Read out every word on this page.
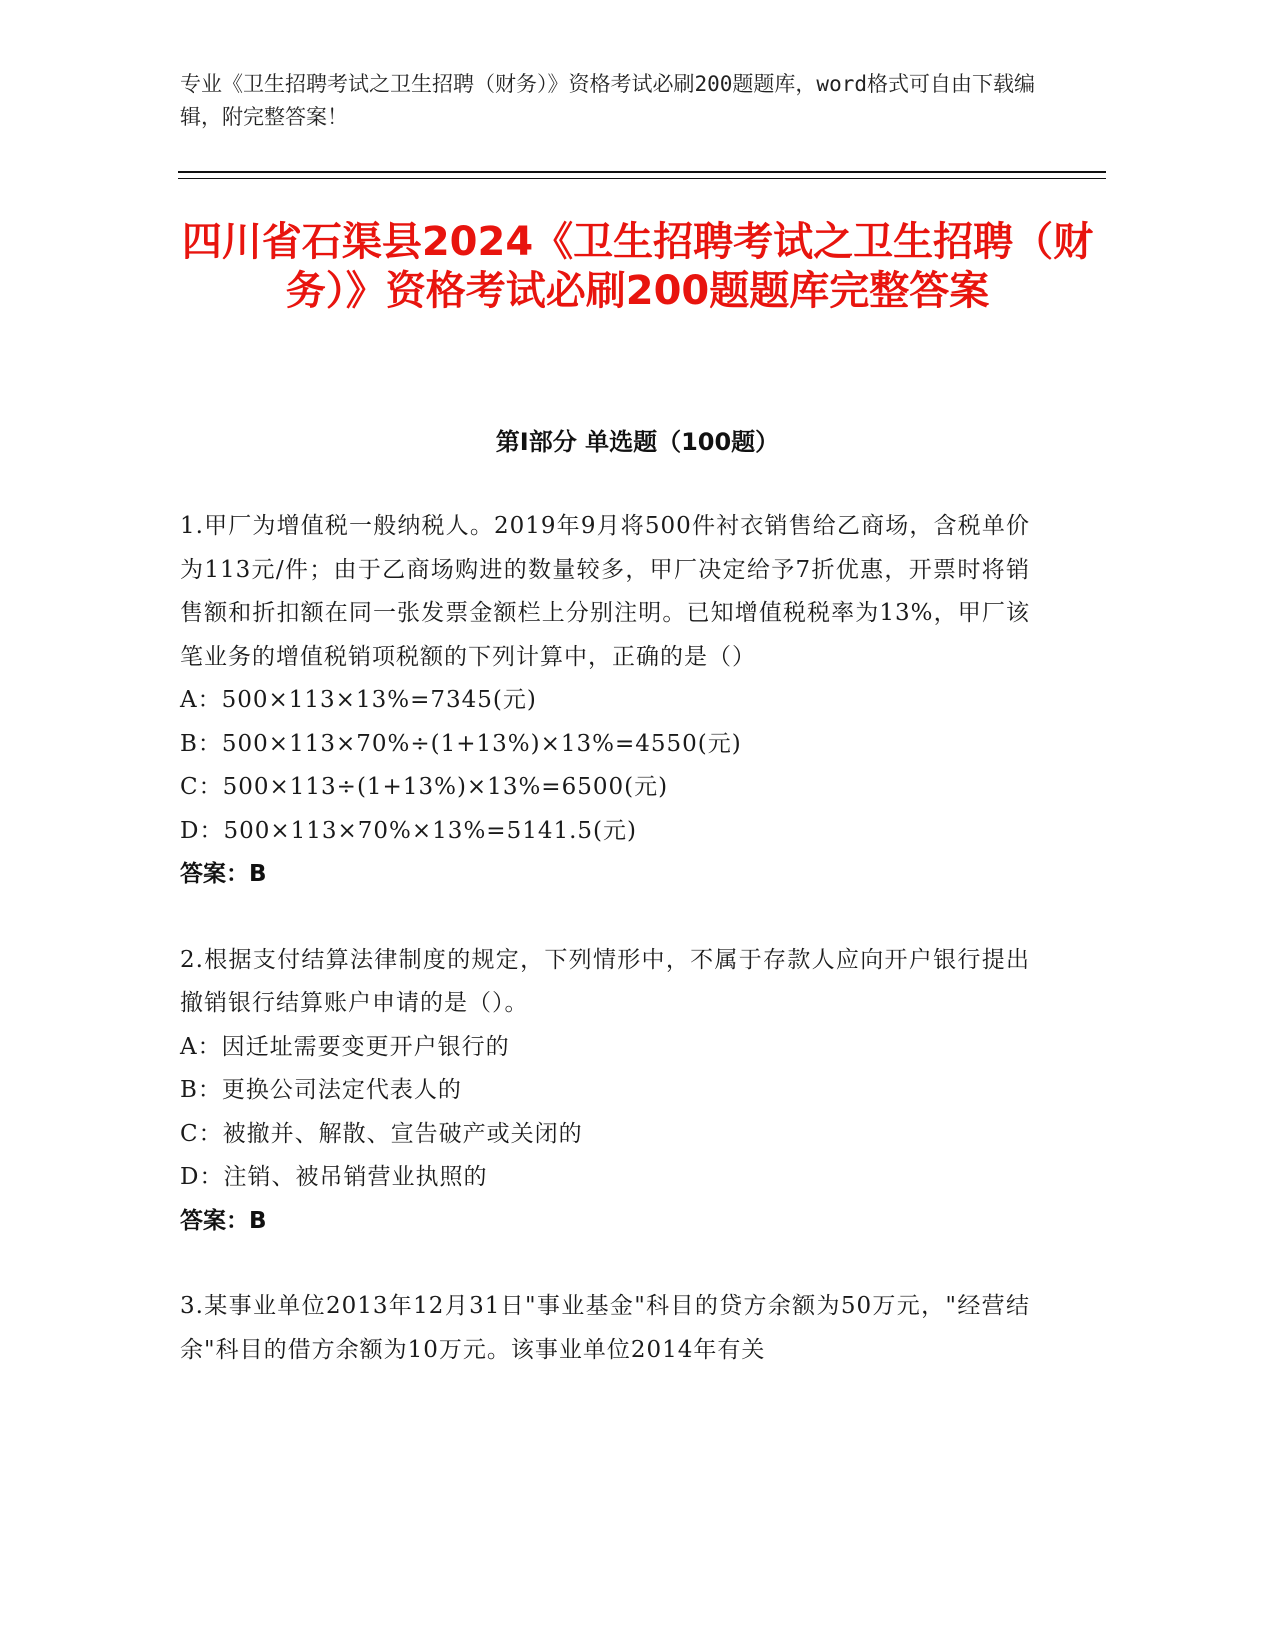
专业《卫生招聘考试之卫生招聘（财务）》资格考试必刷200题题库，word格式可自由下载编辑，附完整答案！
四川省石渠县2024《卫生招聘考试之卫生招聘（财务）》资格考试必刷200题题库完整答案
第Ⅰ部分 单选题（100题）
1.甲厂为增值税一般纳税人。2019年9月将500件衬衣销售给乙商场，含税单价为113元/件；由于乙商场购进的数量较多，甲厂决定给予7折优惠，开票时将销售额和折扣额在同一张发票金额栏上分别注明。已知增值税税率为13%，甲厂该笔业务的增值税销项税额的下列计算中，正确的是（）
A：500×113×13%=7345(元)
B：500×113×70%÷(1+13%)×13%=4550(元)
C：500×113÷(1+13%)×13%=6500(元)
D：500×113×70%×13%=5141.5(元)
答案：B
2.根据支付结算法律制度的规定，下列情形中，不属于存款人应向开户银行提出撤销银行结算账户申请的是（）。
A：因迁址需要变更开户银行的
B：更换公司法定代表人的
C：被撤并、解散、宣告破产或关闭的
D：注销、被吊销营业执照的
答案：B
3.某事业单位2013年12月31日"事业基金"科目的贷方余额为50万元，"经营结余"科目的借方余额为10万元。该事业单位2014年有关
